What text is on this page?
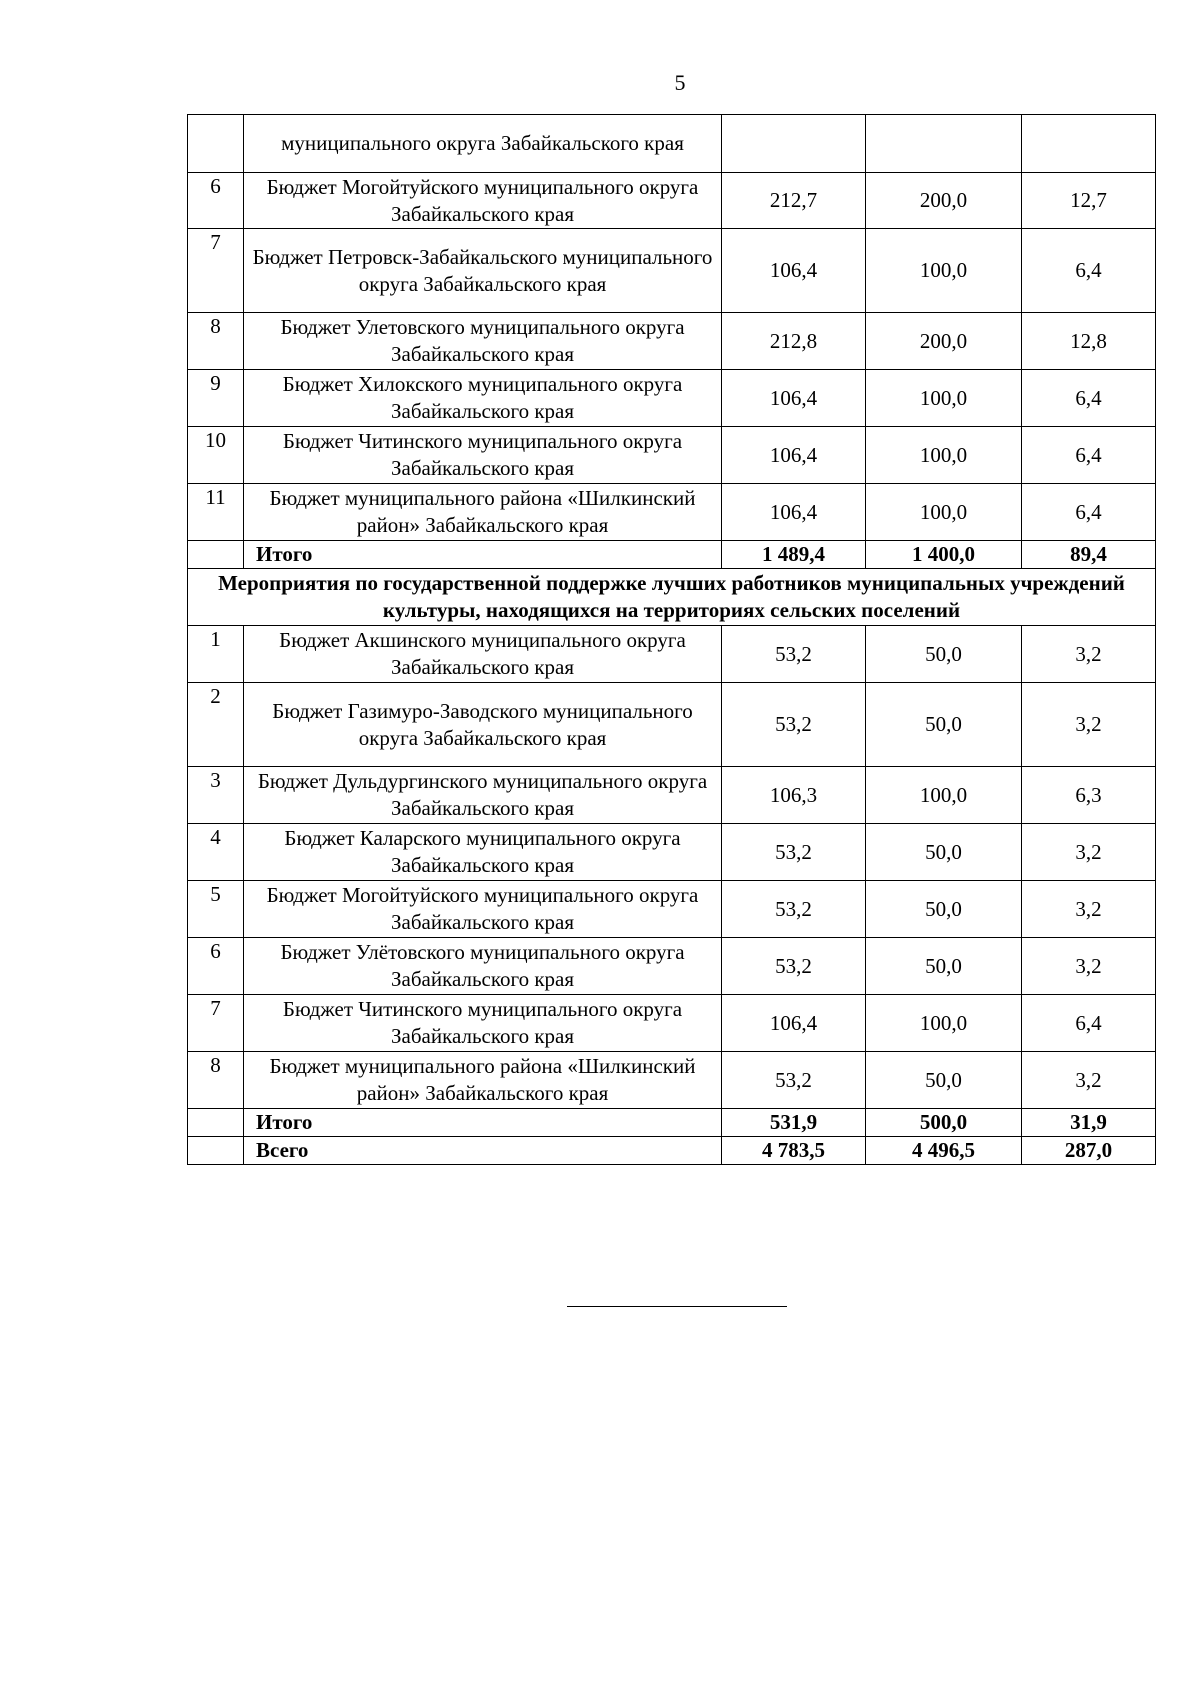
5
	муниципального округа Забайкальского края			
6	Бюджет Могойтуйского муниципального округа Забайкальского края	212,7	200,0	12,7
7	Бюджет Петровск-Забайкальского муниципального округа Забайкальского края	106,4	100,0	6,4
8	Бюджет Улетовского муниципального округа Забайкальского края	212,8	200,0	12,8
9	Бюджет Хилокского муниципального округа Забайкальского края	106,4	100,0	6,4
10	Бюджет Читинского муниципального округа Забайкальского края	106,4	100,0	6,4
11	Бюджет муниципального района «Шилкинский район» Забайкальского края	106,4	100,0	6,4
	Итого	1 489,4	1 400,0	89,4
Мероприятия по государственной поддержке лучших работников муниципальных учреждений культуры, находящихся на территориях сельских поселений				
1	Бюджет Акшинского муниципального округа Забайкальского края	53,2	50,0	3,2
2	Бюджет Газимуро-Заводского муниципального округа Забайкальского края	53,2	50,0	3,2
3	Бюджет Дульдургинского муниципального округа Забайкальского края	106,3	100,0	6,3
4	Бюджет Каларского муниципального округа Забайкальского края	53,2	50,0	3,2
5	Бюджет Могойтуйского муниципального округа Забайкальского края	53,2	50,0	3,2
6	Бюджет Улётовского муниципального округа Забайкальского края	53,2	50,0	3,2
7	Бюджет Читинского муниципального округа Забайкальского края	106,4	100,0	6,4
8	Бюджет муниципального района «Шилкинский район» Забайкальского края	53,2	50,0	3,2
	Итого	531,9	500,0	31,9
	Всего	4 783,5	4 496,5	287,0
